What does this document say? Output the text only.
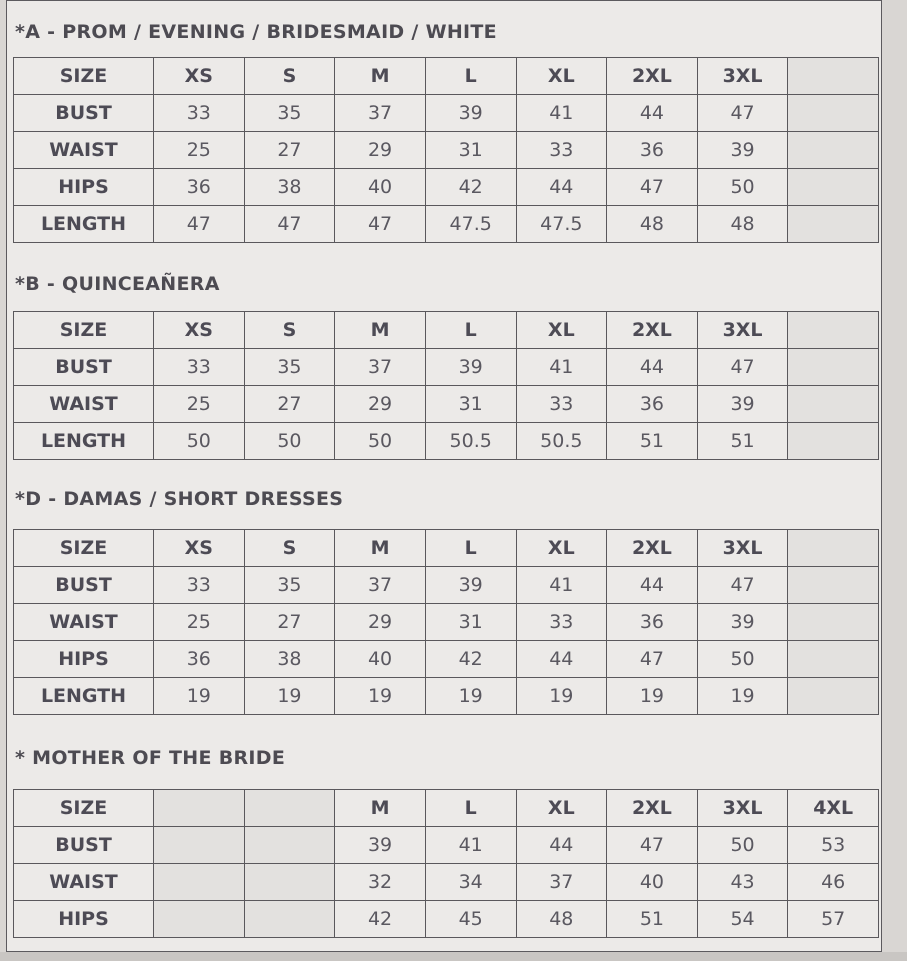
*A - PROM / EVENING / BRIDESMAID / WHITE
SIZE	XS	S	M	L	XL	2XL	3XL	
BUST	33	35	37	39	41	44	47	
WAIST	25	27	29	31	33	36	39	
HIPS	36	38	40	42	44	47	50	
LENGTH	47	47	47	47.5	47.5	48	48	
*B - QUINCEAÑERA
SIZE	XS	S	M	L	XL	2XL	3XL	
BUST	33	35	37	39	41	44	47	
WAIST	25	27	29	31	33	36	39	
LENGTH	50	50	50	50.5	50.5	51	51	
*D - DAMAS / SHORT DRESSES
SIZE	XS	S	M	L	XL	2XL	3XL	
BUST	33	35	37	39	41	44	47	
WAIST	25	27	29	31	33	36	39	
HIPS	36	38	40	42	44	47	50	
LENGTH	19	19	19	19	19	19	19	
* MOTHER OF THE BRIDE
SIZE			M	L	XL	2XL	3XL	4XL
BUST			39	41	44	47	50	53
WAIST			32	34	37	40	43	46
HIPS			42	45	48	51	54	57
